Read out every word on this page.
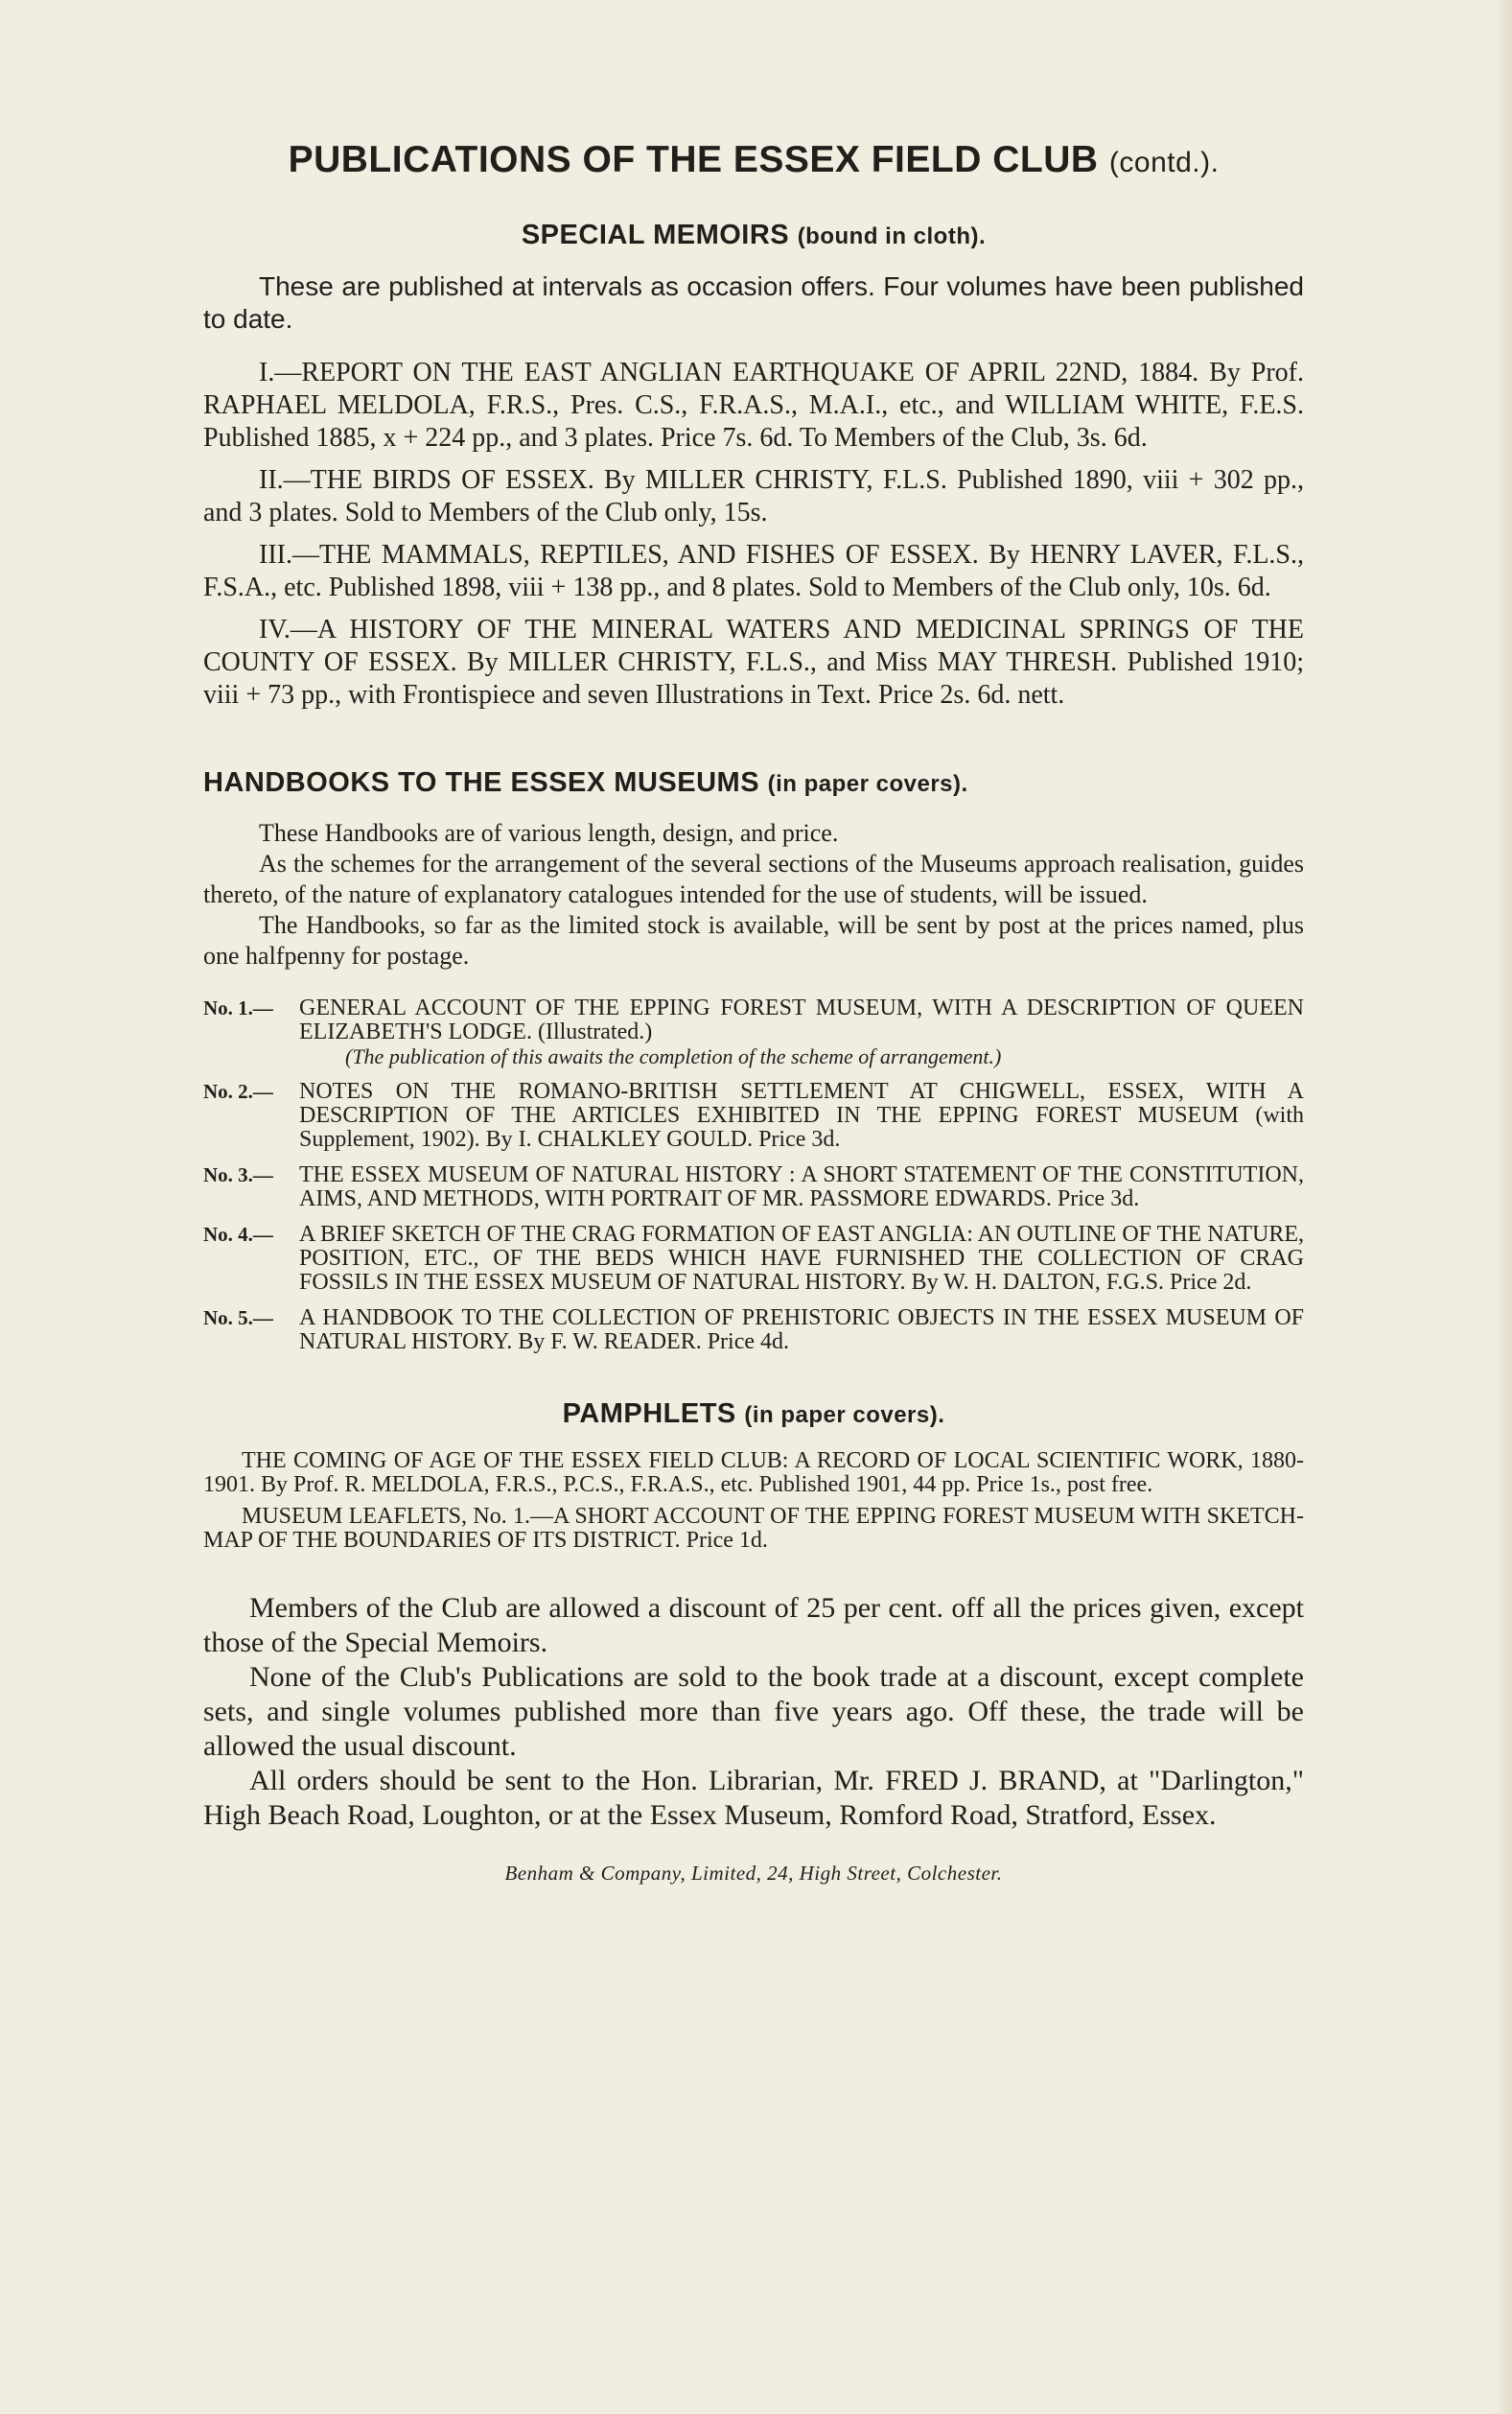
PUBLICATIONS OF THE ESSEX FIELD CLUB (contd.).
SPECIAL MEMOIRS (bound in cloth).

These are published at intervals as occasion offers. Four volumes have been published to date.

I.—REPORT ON THE EAST ANGLIAN EARTHQUAKE OF APRIL 22ND, 1884. By Prof. RAPHAEL MELDOLA, F.R.S., Pres. C.S., F.R.A.S., M.A.I., etc., and WILLIAM WHITE, F.E.S. Published 1885, x + 224 pp., and 3 plates. Price 7s. 6d. To Members of the Club, 3s. 6d.

II.—THE BIRDS OF ESSEX. By MILLER CHRISTY, F.L.S. Published 1890, viii + 302 pp., and 3 plates. Sold to Members of the Club only, 15s.

III.—THE MAMMALS, REPTILES, AND FISHES OF ESSEX. By HENRY LAVER, F.L.S., F.S.A., etc. Published 1898, viii + 138 pp., and 8 plates. Sold to Members of the Club only, 10s. 6d.

IV.—A HISTORY OF THE MINERAL WATERS AND MEDICINAL SPRINGS OF THE COUNTY OF ESSEX. By MILLER CHRISTY, F.L.S., and Miss MAY THRESH. Published 1910; viii + 73 pp., with Frontispiece and seven Illustrations in Text. Price 2s. 6d. nett.

HANDBOOKS TO THE ESSEX MUSEUMS (in paper covers).

These Handbooks are of various length, design, and price.

As the schemes for the arrangement of the several sections of the Museums approach realisation, guides thereto, of the nature of explanatory catalogues intended for the use of students, will be issued.

The Handbooks, so far as the limited stock is available, will be sent by post at the prices named, plus one halfpenny for postage.

No. 1.—	GENERAL ACCOUNT OF THE EPPING FOREST MUSEUM, WITH A DESCRIPTION OF QUEEN ELIZABETH'S LODGE. (Illustrated.)
(The publication of this awaits the completion of the scheme of arrangement.)
No. 2.—	NOTES ON THE ROMANO-BRITISH SETTLEMENT AT CHIGWELL, ESSEX, WITH A DESCRIPTION OF THE ARTICLES EXHIBITED IN THE EPPING FOREST MUSEUM (with Supplement, 1902). By I. CHALKLEY GOULD. Price 3d.
No. 3.—	THE ESSEX MUSEUM OF NATURAL HISTORY : A SHORT STATEMENT OF THE CONSTITUTION, AIMS, AND METHODS, WITH PORTRAIT OF MR. PASSMORE EDWARDS. Price 3d.
No. 4.—	A BRIEF SKETCH OF THE CRAG FORMATION OF EAST ANGLIA: AN OUTLINE OF THE NATURE, POSITION, ETC., OF THE BEDS WHICH HAVE FURNISHED THE COLLECTION OF CRAG FOSSILS IN THE ESSEX MUSEUM OF NATURAL HISTORY. By W. H. DALTON, F.G.S. Price 2d.
No. 5.—	A HANDBOOK TO THE COLLECTION OF PREHISTORIC OBJECTS IN THE ESSEX MUSEUM OF NATURAL HISTORY. By F. W. READER. Price 4d.
PAMPHLETS (in paper covers).

THE COMING OF AGE OF THE ESSEX FIELD CLUB: A RECORD OF LOCAL SCIENTIFIC WORK, 1880-1901. By Prof. R. MELDOLA, F.R.S., P.C.S., F.R.A.S., etc. Published 1901, 44 pp. Price 1s., post free.

MUSEUM LEAFLETS, No. 1.—A SHORT ACCOUNT OF THE EPPING FOREST MUSEUM WITH SKETCH-MAP OF THE BOUNDARIES OF ITS DISTRICT. Price 1d.

Members of the Club are allowed a discount of 25 per cent. off all the prices given, except those of the Special Memoirs.

None of the Club's Publications are sold to the book trade at a discount, except complete sets, and single volumes published more than five years ago. Off these, the trade will be allowed the usual discount.

All orders should be sent to the Hon. Librarian, Mr. FRED J. BRAND, at "Darlington," High Beach Road, Loughton, or at the Essex Museum, Romford Road, Stratford, Essex.

Benham & Company, Limited, 24, High Street, Colchester.
